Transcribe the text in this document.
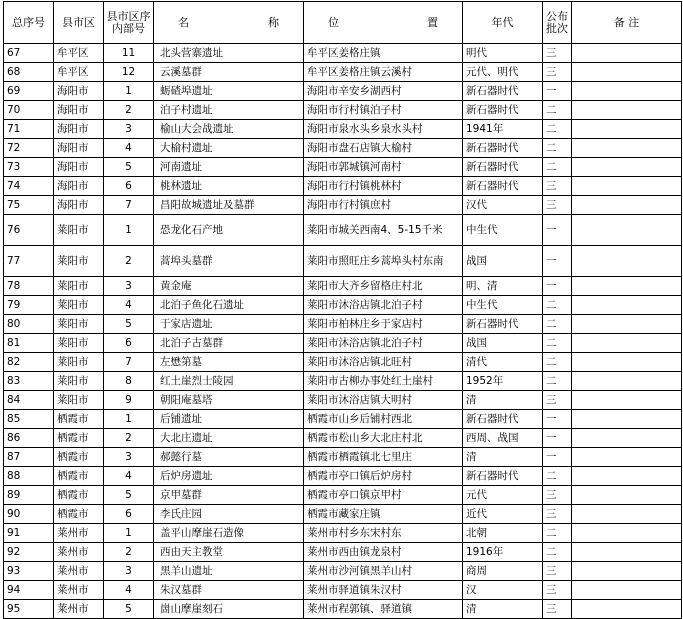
总序号	县市区	县市区序内部号	名 称	位 置	年代	公布批次	备 注
67	牟平区	11	北头营寨遗址	牟平区姜格庄镇	明代	三	
68	牟平区	12	云溪墓群	牟平区姜格庄镇云溪村	元代、明代	三	
69	海阳市	1	蛎碴埠遗址	海阳市辛安乡湖西村	新石器时代	一	
70	海阳市	2	泊子村遗址	海阳市行村镇泊子村	新石器时代	二	
71	海阳市	3	榆山大会战遗址	海阳市泉水头乡泉水头村	1941年	二	
72	海阳市	4	大榆村遗址	海阳市盘石店镇大榆村	新石器时代	二	
73	海阳市	5	河南遗址	海阳市郭城镇河南村	新石器时代	二	
74	海阳市	6	桃林遗址	海阳市行村镇桃林村	新石器时代	三	
75	海阳市	7	昌阳故城遗址及墓群	海阳市行村镇庶村	汉代	三	
76	莱阳市	1	恐龙化石产地	莱阳市城关西南4、5-15千米	中生代	一	
77	莱阳市	2	蒿埠头墓群	莱阳市照旺庄乡蒿埠头村东南	战国	一	
78	莱阳市	3	黄金庵	莱阳市大齐乡留格庄村北	明、清	一	
79	莱阳市	4	北泊子鱼化石遗址	莱阳市沐浴店镇北泊子村	中生代	二	
80	莱阳市	5	于家店遗址	莱阳市柏林庄乡于家店村	新石器时代	二	
81	莱阳市	6	北泊子古墓群	莱阳市沐浴店镇北泊子村	战国	二	
82	莱阳市	7	左懋第墓	莱阳市沐浴店镇北旺村	清代	二	
83	莱阳市	8	红土崖烈士陵园	莱阳市古柳办事处红土崖村	1952年	二	
84	莱阳市	9	朝阳庵墓塔	莱阳市沐浴店镇大明村	清	三	
85	栖霞市	1	后铺遗址	栖霞市山乡后铺村西北	新石器时代	一	
86	栖霞市	2	大北庄遗址	栖霞市松山乡大北庄村北	西周、战国	一	
87	栖霞市	3	郝懿行墓	栖霞市栖霞镇北七里庄	清	一	
88	栖霞市	4	后炉房遗址	栖霞市亭口镇后炉房村	新石器时代	二	
89	栖霞市	5	京甲墓群	栖霞市亭口镇京甲村	元代	三	
90	栖霞市	6	李氏庄园	栖霞市藏家庄镇	近代	三	
91	莱州市	1	盖平山摩崖石造像	莱州市村乡东宋村东	北朝	二	
92	莱州市	2	西由天主教堂	莱州市西由镇龙泉村	1916年	二	
93	莱州市	3	黑羊山遗址	莱州市沙河镇黑羊山村	商周	三	
94	莱州市	4	朱汉墓群	莱州市驿道镇朱汉村	汉	三	
95	莱州市	5	崮山摩崖刻石	莱州市程郭镇、驿道镇	清	三	
